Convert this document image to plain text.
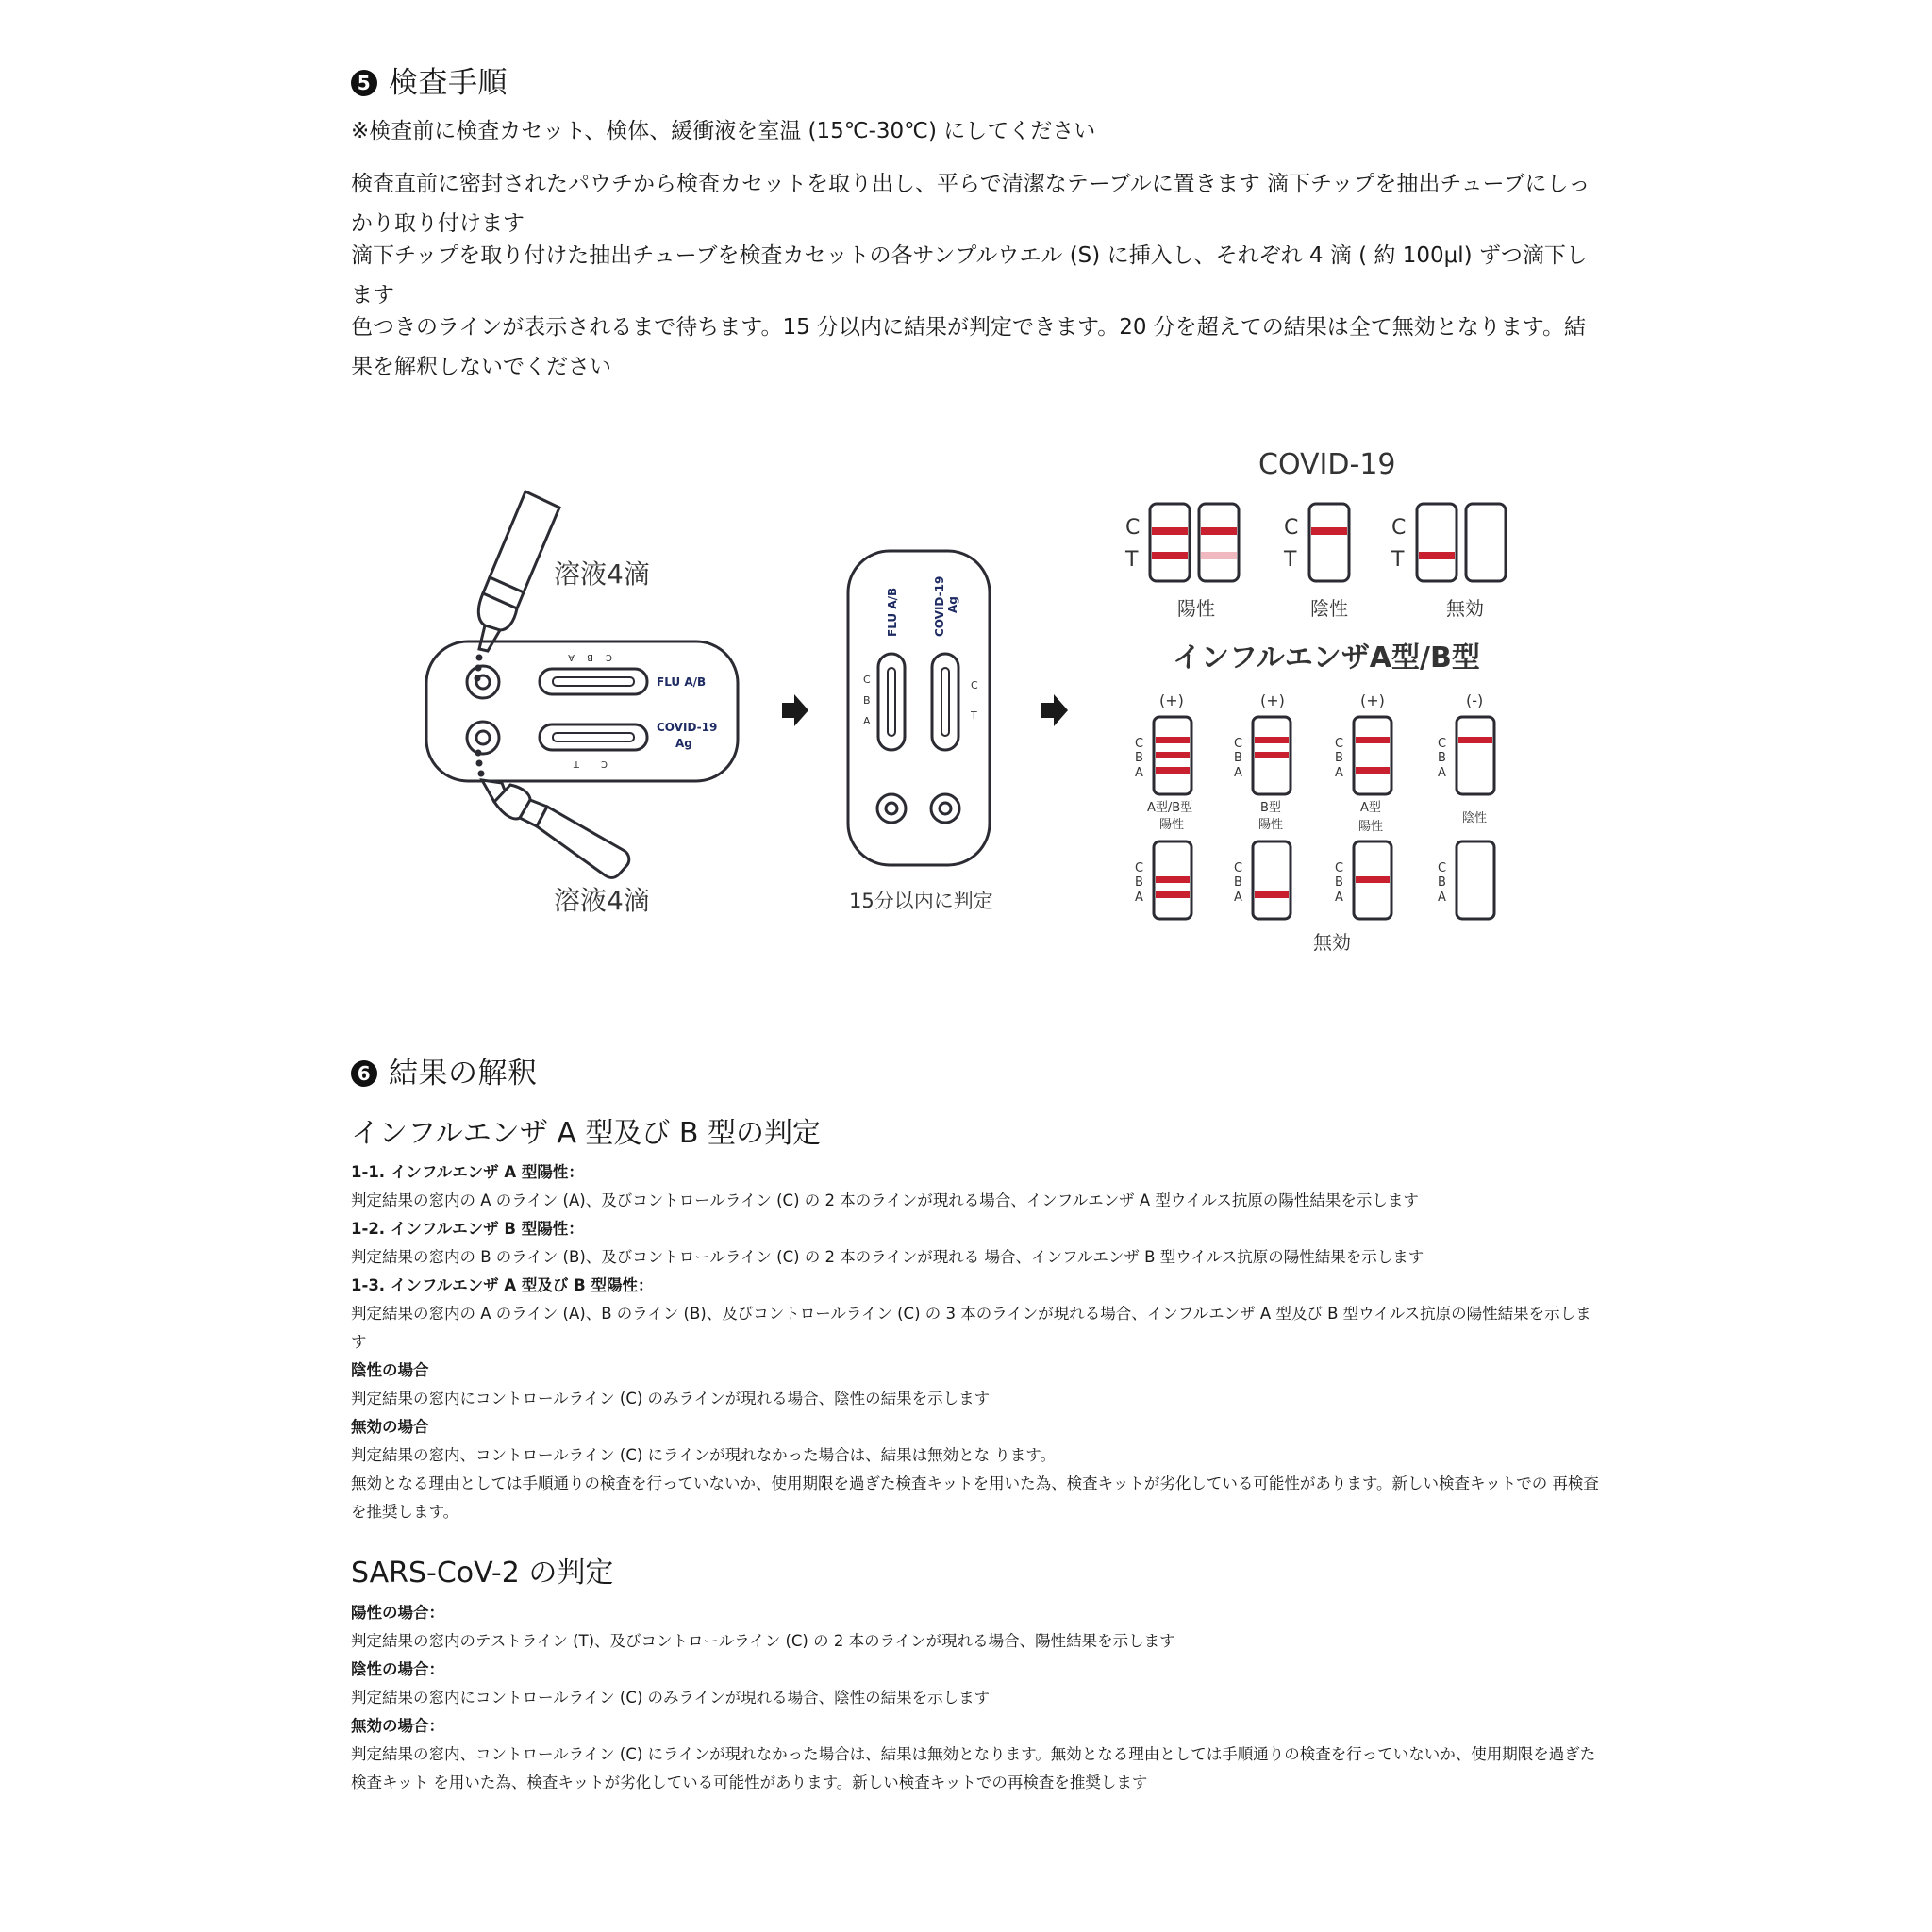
5 検査手順
※検査前に検査カセット、検体、緩衝液を室温 (15℃-30℃) にしてください
検査直前に密封されたパウチから検査カセットを取り出し、平らで清潔なテーブルに置きます 滴下チップを抽出チューブにしっかり取り付けます
滴下チップを取り付けた抽出チューブを検査カセットの各サンプルウエル (S) に挿入し、それぞれ 4 滴 ( 約 100μl) ずつ滴下します
色つきのラインが表示されるまで待ちます。15 分以内に結果が判定できます。20 分を超えての結果は全て無効となります。結果を解釈しないでください
溶液4滴
A B C
T C
FLU A/B
COVID-19
Ag
溶液4滴
FLU A/B	COVID-19 Ag
C
B
A
C
T
15分以内に判定
COVID-19
C
T
C
T
C
T
陽性	陰性	無効
インフルエンザA型/B型
(+)	(+)	(+)	(-)
C
B
A
C
B
A
C
B
A
C
B
A
A型/B型
陽性
B型
陽性
A型
陽性
陰性
C
B
A
C
B
A
C
B
A
C
B
A
無効
6 結果の解釈
インフルエンザ A 型及び B 型の判定

1-1. インフルエンザ A 型陽性：

判定結果の窓内の A のライン (A)、及びコントロールライン (C) の 2 本のラインが現れる場合、インフルエンザ A 型ウイルス抗原の陽性結果を示します

1-2. インフルエンザ B 型陽性：

判定結果の窓内の B のライン (B)、及びコントロールライン (C) の 2 本のラインが現れる 場合、インフルエンザ B 型ウイルス抗原の陽性結果を示します

1-3. インフルエンザ A 型及び B 型陽性：

判定結果の窓内の A のライン (A)、B のライン (B)、及びコントロールライン (C) の 3 本のラインが現れる場合、インフルエンザ A 型及び B 型ウイルス抗原の陽性結果を示します

陰性の場合

判定結果の窓内にコントロールライン (C) のみラインが現れる場合、陰性の結果を示します

無効の場合

判定結果の窓内、コントロールライン (C) にラインが現れなかった場合は、結果は無効とな ります。

無効となる理由としては手順通りの検査を行っていないか、使用期限を過ぎた検査キットを用いた為、検査キットが劣化している可能性があります。新しい検査キットでの 再検査を推奨します。

SARS-CoV-2 の判定

陽性の場合：

判定結果の窓内のテストライン (T)、及びコントロールライン (C) の 2 本のラインが現れる場合、陽性結果を示します

陰性の場合：

判定結果の窓内にコントロールライン (C) のみラインが現れる場合、陰性の結果を示します

無効の場合：

判定結果の窓内、コントロールライン (C) にラインが現れなかった場合は、結果は無効となります。無効となる理由としては手順通りの検査を行っていないか、使用期限を過ぎた検査キット を用いた為、検査キットが劣化している可能性があります。新しい検査キットでの再検査を推奨します
